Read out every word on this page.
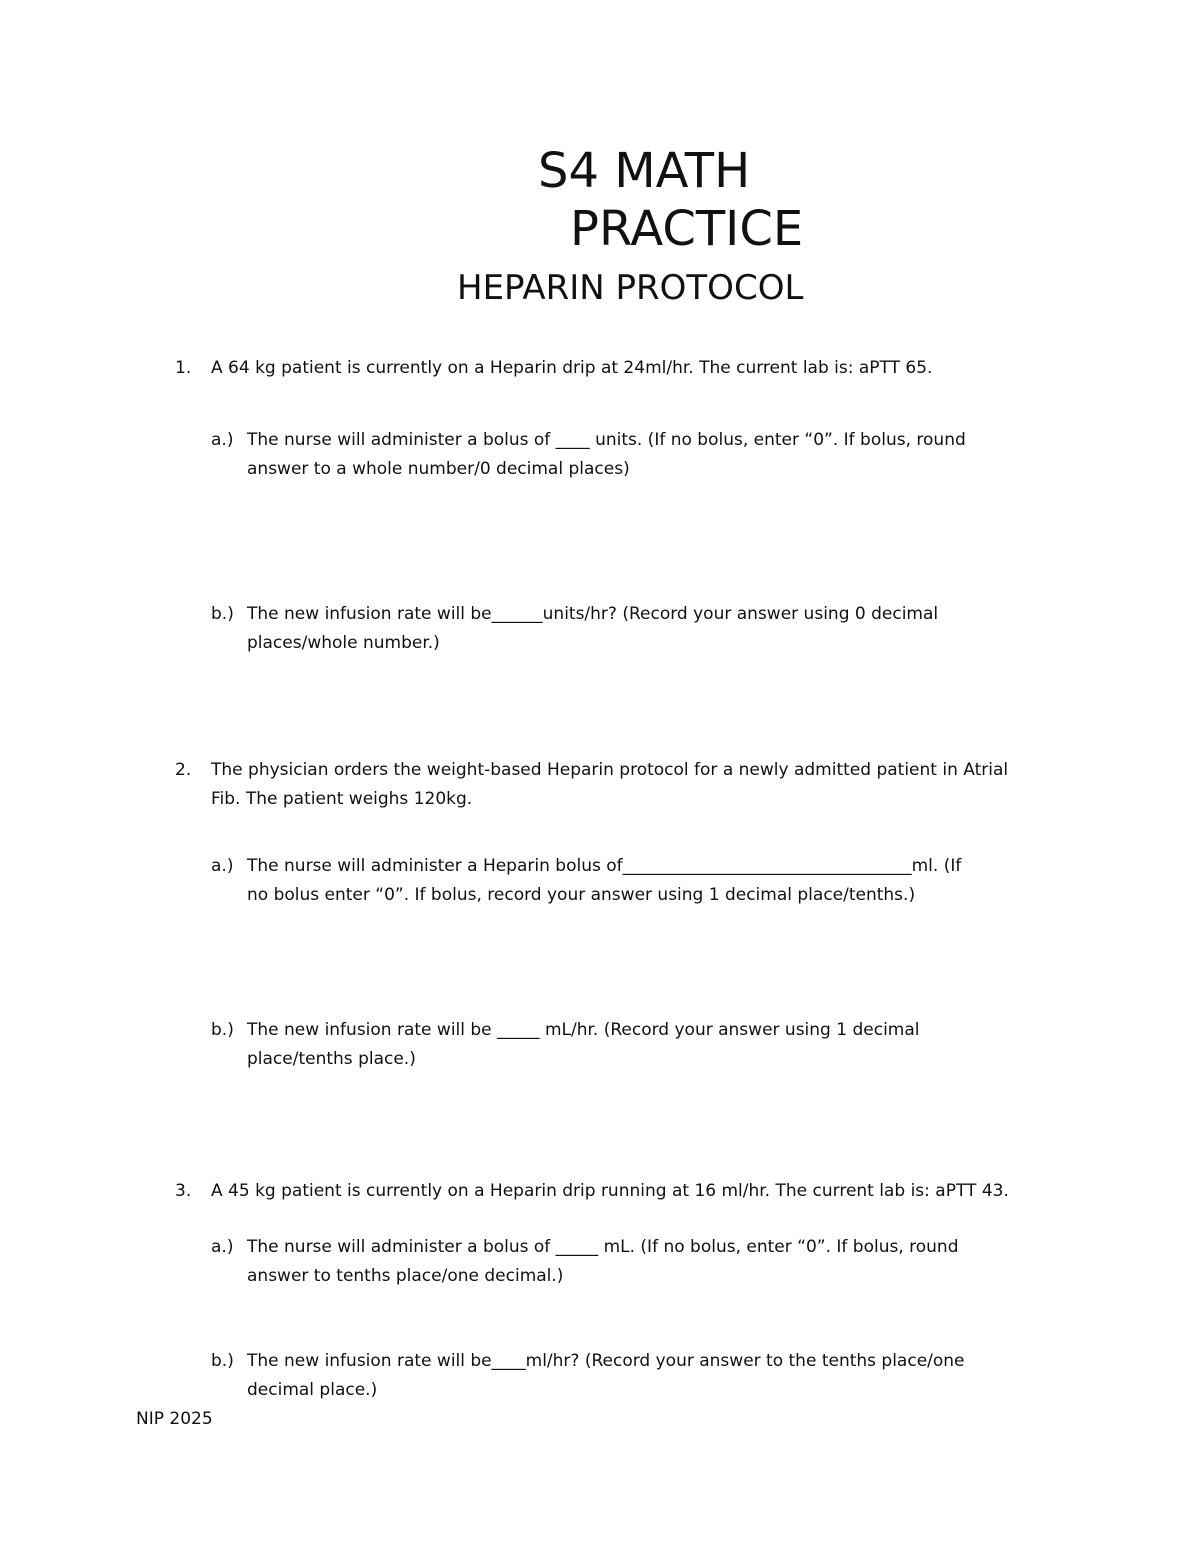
S4 MATH
PRACTICE
HEPARIN PROTOCOL
1. A 64 kg patient is currently on a Heparin drip at 24ml/hr. The current lab is: aPTT 65.
a.) The nurse will administer a bolus of ____ units. (If no bolus, enter “0”. If bolus, round
answer to a whole number/0 decimal places)
b.) The new infusion rate will be______units/hr? (Record your answer using 0 decimal
places/whole number.)
2. The physician orders the weight-based Heparin protocol for a newly admitted patient in Atrial
Fib. The patient weighs 120kg.
a.) The nurse will administer a Heparin bolus of__________________________________ml. (If
no bolus enter “0”. If bolus, record your answer using 1 decimal place/tenths.)
b.) The new infusion rate will be _____ mL/hr. (Record your answer using 1 decimal
place/tenths place.)
3. A 45 kg patient is currently on a Heparin drip running at 16 ml/hr. The current lab is: aPTT 43.
a.) The nurse will administer a bolus of _____ mL. (If no bolus, enter “0”. If bolus, round
answer to tenths place/one decimal.)
b.) The new infusion rate will be____ml/hr? (Record your answer to the tenths place/one
decimal place.)
NIP 2025
